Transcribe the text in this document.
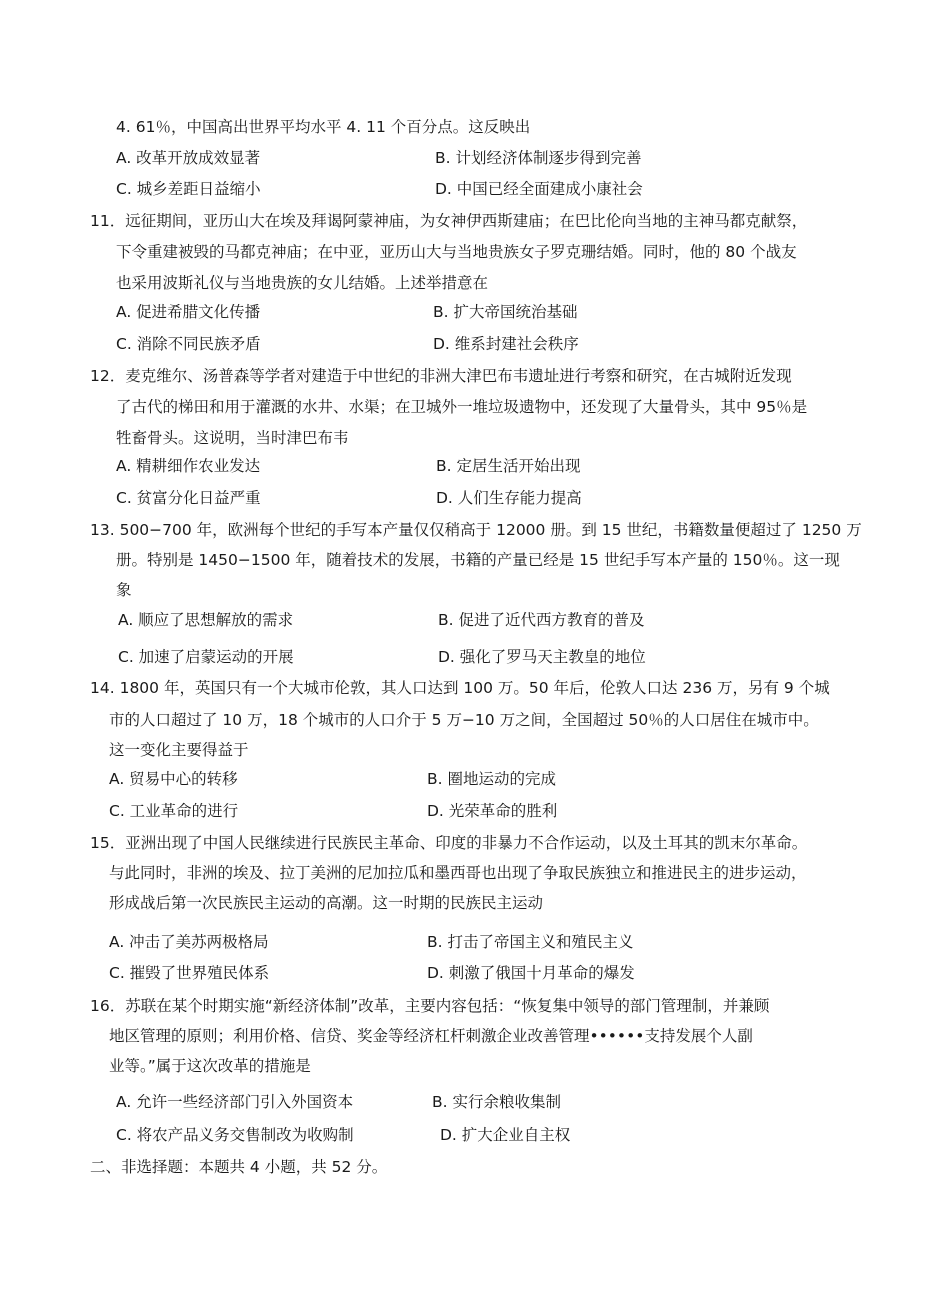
4. 61％，中国高出世界平均水平 4. 11 个百分点。这反映出
A. 改革开放成效显著	B. 计划经济体制逐步得到完善
C. 城乡差距日益缩小	D. 中国已经全面建成小康社会
11．远征期间，亚历山大在埃及拜谒阿蒙神庙，为女神伊西斯建庙；在巴比伦向当地的主神马都克献祭，
下令重建被毁的马都克神庙；在中亚，亚历山大与当地贵族女子罗克珊结婚。同时，他的 80 个战友
也采用波斯礼仪与当地贵族的女儿结婚。上述举措意在
A. 促进希腊文化传播	B. 扩大帝国统治基础
C. 消除不同民族矛盾	D. 维系封建社会秩序
12．麦克维尔、汤普森等学者对建造于中世纪的非洲大津巴布韦遗址进行考察和研究，在古城附近发现
了古代的梯田和用于灌溉的水井、水渠；在卫城外一堆垃圾遗物中，还发现了大量骨头，其中 95％是
牲畜骨头。这说明，当时津巴布韦
A. 精耕细作农业发达	B. 定居生活开始出现
C. 贫富分化日益严重	D. 人们生存能力提高
13. 500−700 年，欧洲每个世纪的手写本产量仅仅稍高于 12000 册。到 15 世纪，书籍数量便超过了 1250 万
册。特别是 1450−1500 年，随着技术的发展，书籍的产量已经是 15 世纪手写本产量的 150％。这一现
象
A. 顺应了思想解放的需求	B. 促进了近代西方教育的普及
C. 加速了启蒙运动的开展	D. 强化了罗马天主教皇的地位
14. 1800 年，英国只有一个大城市伦敦，其人口达到 100 万。50 年后，伦敦人口达 236 万，另有 9 个城
市的人口超过了 10 万，18 个城市的人口介于 5 万−10 万之间，全国超过 50％的人口居住在城市中。
这一变化主要得益于
A. 贸易中心的转移	B. 圈地运动的完成
C. 工业革命的进行	D. 光荣革命的胜利
15．亚洲出现了中国人民继续进行民族民主革命、印度的非暴力不合作运动，以及土耳其的凯末尔革命。
与此同时，非洲的埃及、拉丁美洲的尼加拉瓜和墨西哥也出现了争取民族独立和推进民主的进步运动，
形成战后第一次民族民主运动的高潮。这一时期的民族民主运动
A. 冲击了美苏两极格局	B. 打击了帝国主义和殖民主义
C. 摧毁了世界殖民体系	D. 刺激了俄国十月革命的爆发
16．苏联在某个时期实施“新经济体制”改革，主要内容包括：“恢复集中领导的部门管理制，并兼顾
地区管理的原则；利用价格、信贷、奖金等经济杠杆刺激企业改善管理••••••支持发展个人副
业等。”属于这次改革的措施是
A. 允许一些经济部门引入外国资本	B. 实行余粮收集制
C. 将农产品义务交售制改为收购制	D. 扩大企业自主权
二、非选择题：本题共 4 小题，共 52 分。
